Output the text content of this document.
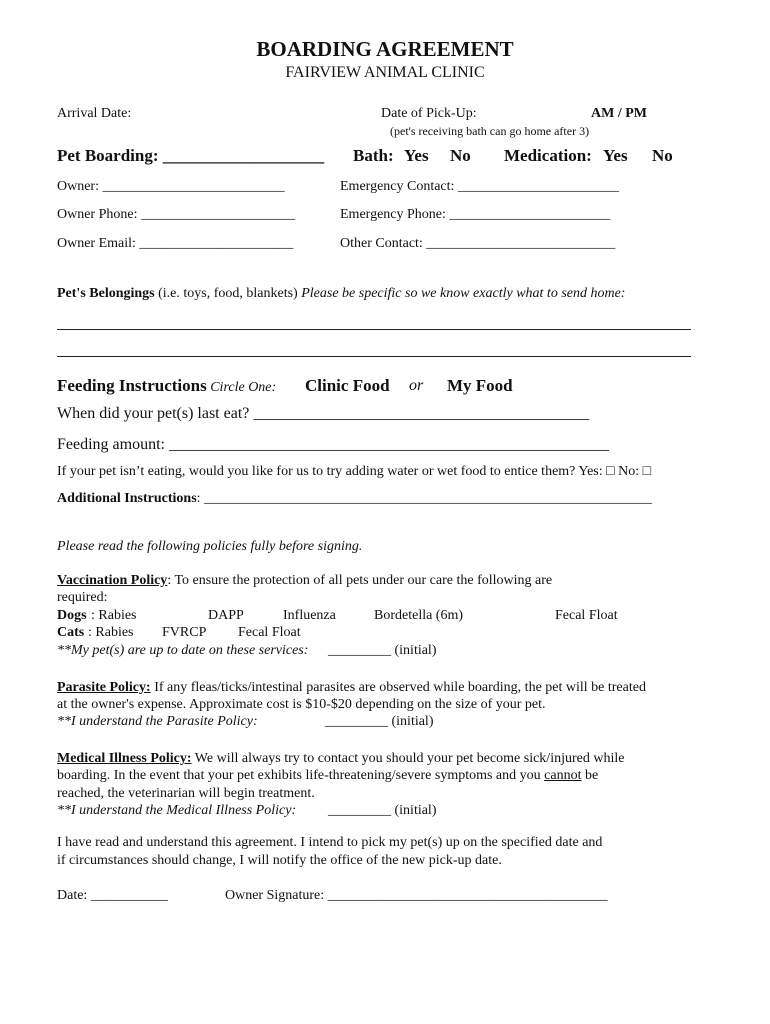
BOARDING AGREEMENT
FAIRVIEW ANIMAL CLINIC
Arrival Date:	Date of Pick-Up:	AM / PM
(pet's receiving bath can go home after 3)
Pet Boarding: ___________________ Bath: Yes No Medication: Yes No
Owner: __________________________	Emergency Contact: _______________________
Owner Phone: ______________________	Emergency Phone: _______________________
Owner Email: ______________________	Other Contact: ___________________________
Pet's Belongings (i.e. toys, food, blankets) Please be specific so we know exactly what to send home:
Feeding Instructions Circle One: Clinic Food or My Food
When did your pet(s) last eat? __________________________________________
Feeding amount: _______________________________________________________
If your pet isn’t eating, would you like for us to try adding water or wet food to entice them? Yes: □ No: □
Additional Instructions: ________________________________________________________________
Please read the following policies fully before signing.
Vaccination Policy: To ensure the protection of all pets under our care the following are
required:
Dogs : Rabies	DAPP	Influenza	Bordetella (6m)	Fecal Float
Cats : Rabies FVRCP Fecal Float
**My pet(s) are up to date on these services: _________ (initial)
Parasite Policy: If any fleas/ticks/intestinal parasites are observed while boarding, the pet will be treated
at the owner's expense. Approximate cost is $10-$20 depending on the size of your pet.
**I understand the Parasite Policy:	_________ (initial)
Medical Illness Policy: We will always try to contact you should your pet become sick/injured while
boarding. In the event that your pet exhibits life-threatening/severe symptoms and you cannot be
reached, the veterinarian will begin treatment.
**I understand the Medical Illness Policy: _________ (initial)
I have read and understand this agreement. I intend to pick my pet(s) up on the specified date and
if circumstances should change, I will notify the office of the new pick-up date.
Date: ___________	Owner Signature: ________________________________________
